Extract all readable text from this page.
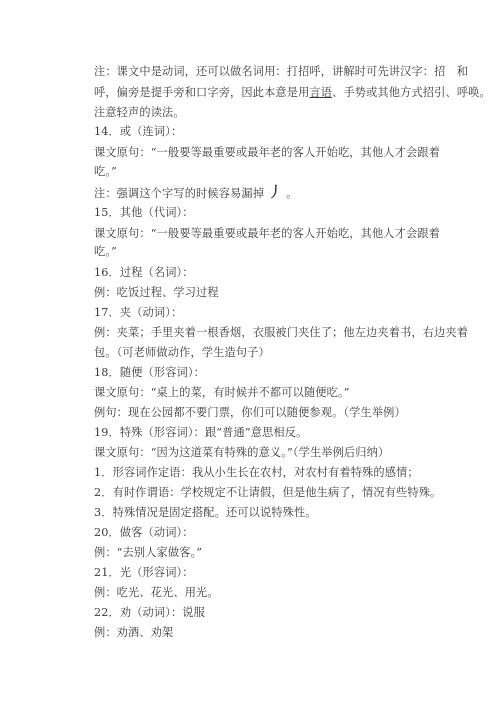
注：课文中是动词，还可以做名词用：打招呼，讲解时可先讲汉字：招　和
呼，偏旁是提手旁和口字旁，因此本意是用言语、手势或其他方式招引、呼唤。
注意轻声的读法。
14．或（连词）：
课文原句：“一般要等最重要或最年老的客人开始吃，其他人才会跟着
吃。”
注：强调这个字写的时候容易漏掉 丿 。
15．其他（代词）：
课文原句：“一般要等最重要或最年老的客人开始吃，其他人才会跟着
吃。”
16．过程（名词）：
例：吃饭过程、学习过程
17．夹（动词）：
例：夹菜；手里夹着一根香烟，衣服被门夹住了；他左边夹着书，右边夹着
包。（可老师做动作，学生造句子）
18．随便（形容词）：
课文原句：“桌上的菜，有时候并不都可以随便吃。”
例句：现在公园都不要门票，你们可以随便参观。（学生举例）
19．特殊（形容词）：跟“普通”意思相反。
课文原句：“因为这道菜有特殊的意义。”（学生举例后归纳）
1．形容词作定语：我从小生长在农村，对农村有着特殊的感情；
2．有时作谓语：学校规定不让请假，但是他生病了，情况有些特殊。
3．特殊情况是固定搭配。还可以说特殊性。
20．做客（动词）：
例：“去别人家做客。”
21．光（形容词）：
例：吃光、花光、用光。
22．劝（动词）：说服
例：劝酒、劝架
